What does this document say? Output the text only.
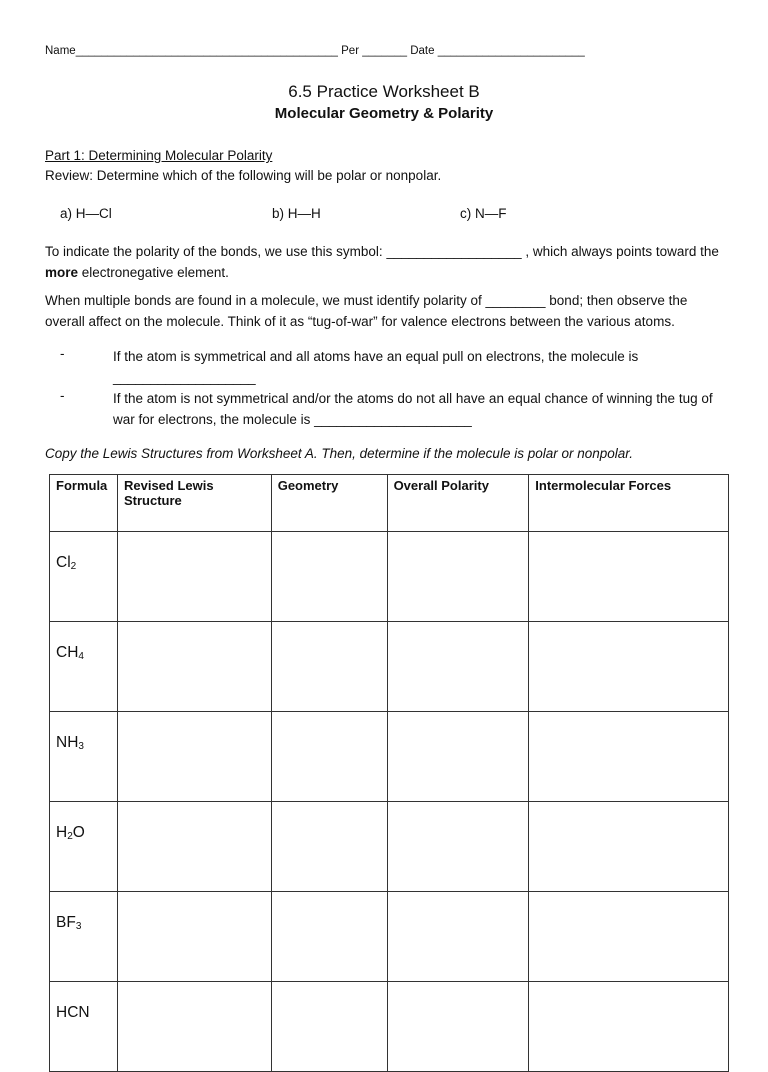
Name_________________________________________ Per _______ Date _______________________
6.5 Practice Worksheet B
Molecular Geometry & Polarity
Part 1: Determining Molecular Polarity
Review: Determine which of the following will be polar or nonpolar.
a) H—Cl	b) H—H	c) N—F
To indicate the polarity of the bonds, we use this symbol: __________________ , which always points toward the more electronegative element.
When multiple bonds are found in a molecule, we must identify polarity of ________ bond; then observe the overall affect on the molecule. Think of it as “tug-of-war” for valence electrons between the various atoms.
-	If the atom is symmetrical and all atoms have an equal pull on electrons, the molecule is ___________________
-	If the atom is not symmetrical and/or the atoms do not all have an equal chance of winning the tug of war for electrons, the molecule is _____________________
Copy the Lewis Structures from Worksheet A. Then, determine if the molecule is polar or nonpolar.
Formula	Revised Lewis Structure	Geometry	Overall Polarity	Intermolecular Forces
$Cl_2$				
$CH_4$				
$NH_3$				
$H_2O$				
$BF_3$				
HCN				
